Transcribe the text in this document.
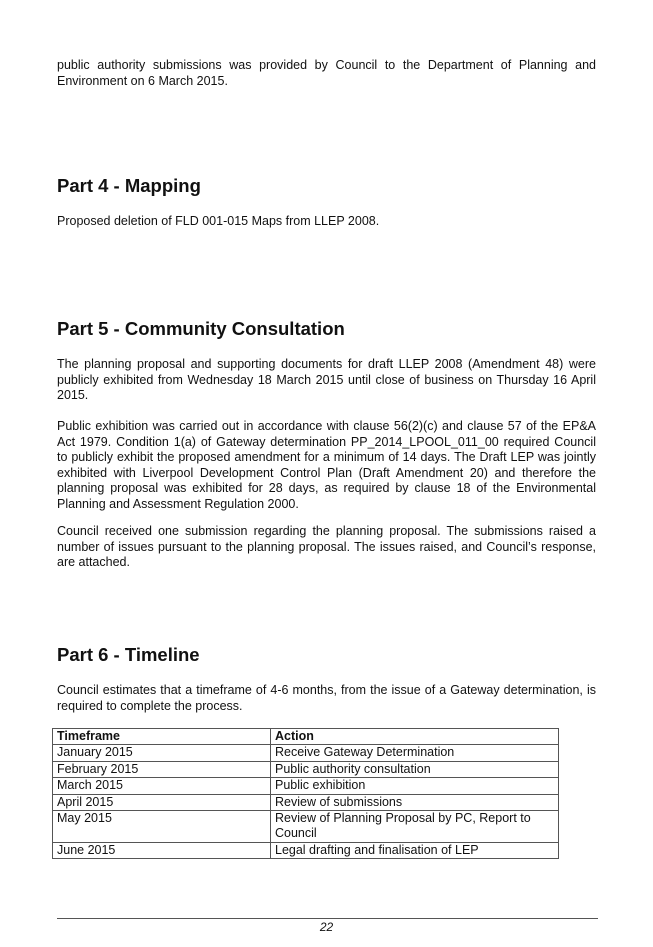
public authority submissions was provided by Council to the Department of Planning and Environment on 6 March 2015.

Part 4 - Mapping

Proposed deletion of FLD 001-015 Maps from LLEP 2008.

Part 5 - Community Consultation

The planning proposal and supporting documents for draft LLEP 2008 (Amendment 48) were publicly exhibited from Wednesday 18 March 2015 until close of business on Thursday 16 April 2015.

Public exhibition was carried out in accordance with clause 56(2)(c) and clause 57 of the EP&A Act 1979. Condition 1(a) of Gateway determination PP_2014_LPOOL_011_00 required Council to publicly exhibit the proposed amendment for a minimum of 14 days. The Draft LEP was jointly exhibited with Liverpool Development Control Plan (Draft Amendment 20) and therefore the planning proposal was exhibited for 28 days, as required by clause 18 of the Environmental Planning and Assessment Regulation 2000.

Council received one submission regarding the planning proposal. The submissions raised a number of issues pursuant to the planning proposal. The issues raised, and Council’s response, are attached.

Part 6 - Timeline

Council estimates that a timeframe of 4-6 months, from the issue of a Gateway determination, is required to complete the process.

Timeframe	Action
January 2015	Receive Gateway Determination
February 2015	Public authority consultation
March 2015	Public exhibition
April 2015	Review of submissions
May 2015	Review of Planning Proposal by PC, Report to Council
June 2015	Legal drafting and finalisation of LEP
22
